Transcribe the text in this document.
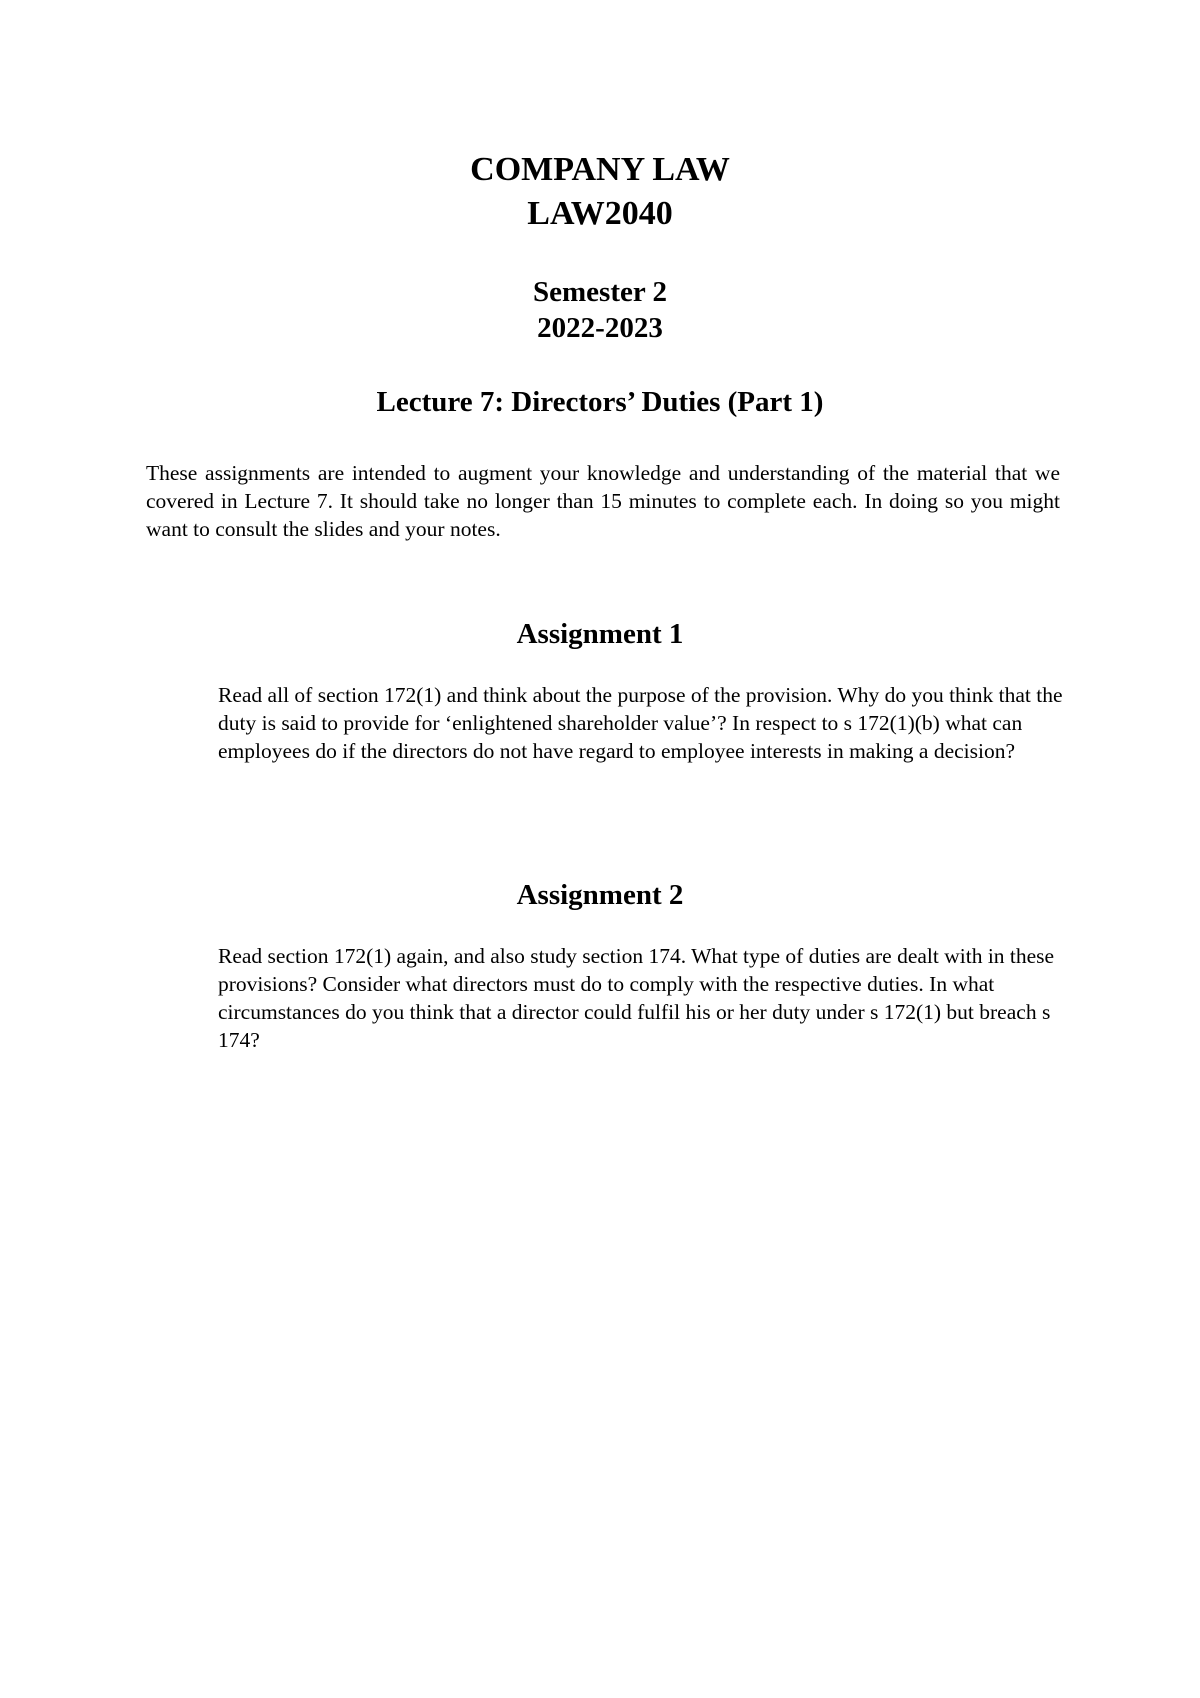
COMPANY LAW
LAW2040
Semester 2
2022-2023
Lecture 7: Directors’ Duties (Part 1)

These assignments are intended to augment your knowledge and understanding of the material that we covered in Lecture 7. It should take no longer than 15 minutes to complete each. In doing so you might want to consult the slides and your notes.

Assignment 1

Read all of section 172(1) and think about the purpose of the provision. Why do you think that the duty is said to provide for ‘enlightened shareholder value’? In respect to s 172(1)(b) what can employees do if the directors do not have regard to employee interests in making a decision?

Assignment 2

Read section 172(1) again, and also study section 174. What type of duties are dealt with in these provisions? Consider what directors must do to comply with the respective duties. In what circumstances do you think that a director could fulfil his or her duty under s 172(1) but breach s 174?
